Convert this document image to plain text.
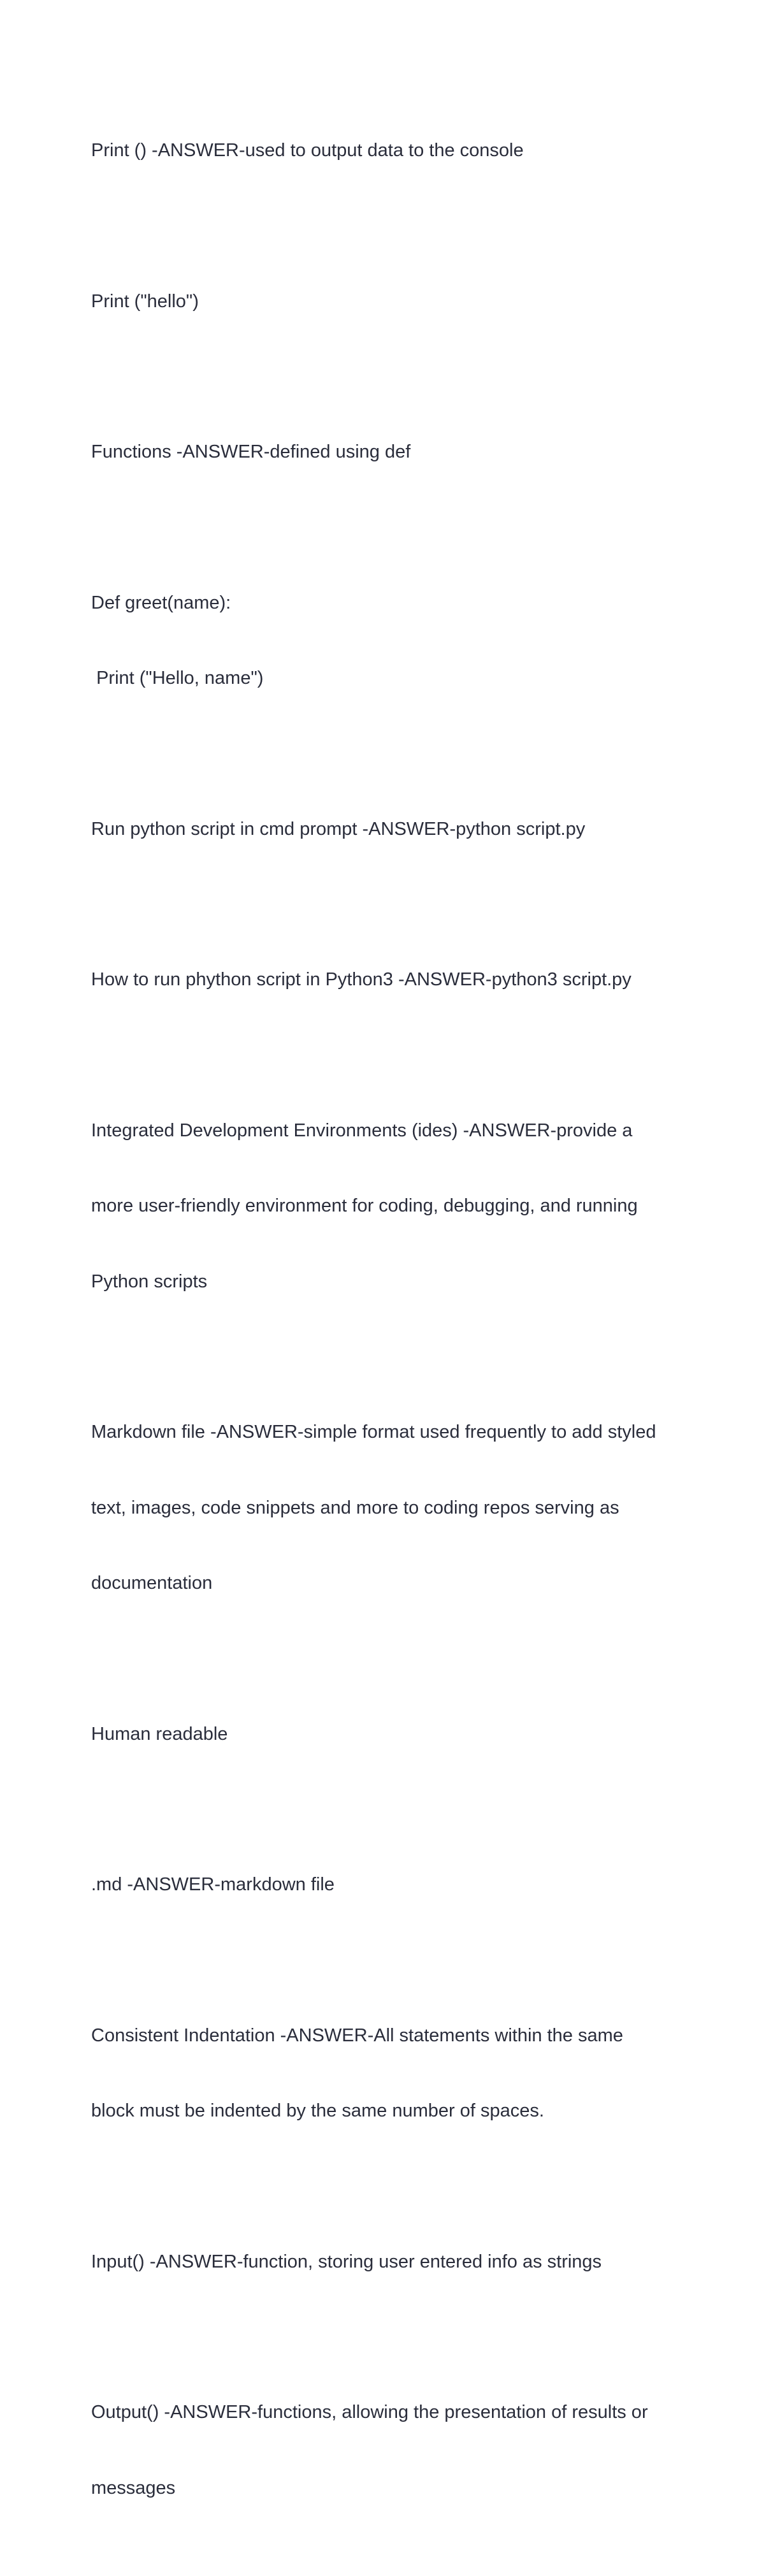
Print () -ANSWER-used to output data to the console

Print ("hello")

Functions -ANSWER-defined using def

Def greet(name):

Print ("Hello, name")

Run python script in cmd prompt -ANSWER-python script.py

How to run phython script in Python3 -ANSWER-python3 script.py

Integrated Development Environments (ides) -ANSWER-provide a

more user-friendly environment for coding, debugging, and running

Python scripts

Markdown file -ANSWER-simple format used frequently to add styled

text, images, code snippets and more to coding repos serving as

documentation

Human readable

.md -ANSWER-markdown file

Consistent Indentation -ANSWER-All statements within the same

block must be indented by the same number of spaces.

Input() -ANSWER-function, storing user entered info as strings

Output() -ANSWER-functions, allowing the presentation of results or

messages
